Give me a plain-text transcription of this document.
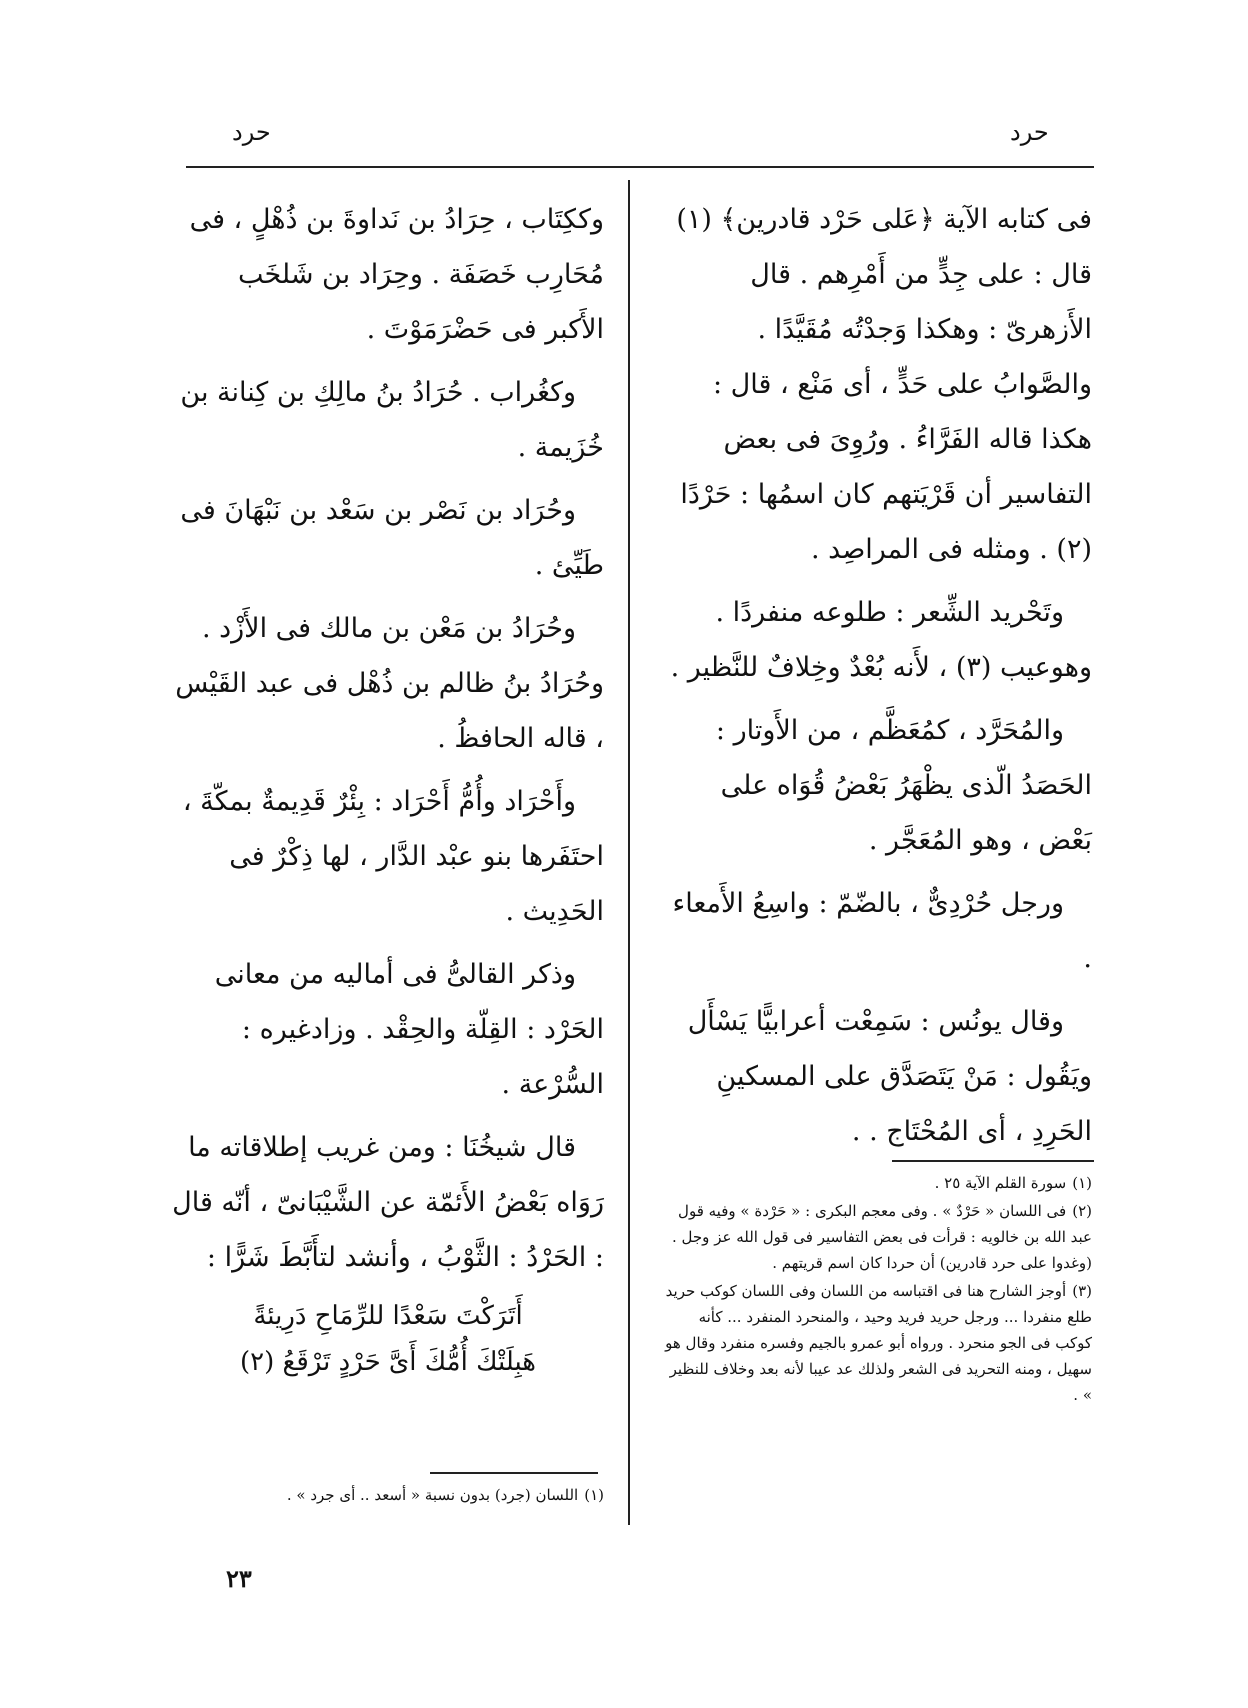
حرد
حرد

فى كتابه الآية ﴿عَلى حَرْد قادرين﴾ (١) قال : على جِدٍّ من أَمْرِهم . قال الأَزهرىّ : وهكذا وَجدْتُه مُقَيَّدًا . والصَّوابُ على حَدٍّ ، أى مَنْع ، قال : هكذا قاله الفَرَّاءُ . ورُوِىَ فى بعض التفاسير أن قَرْيَتهم كان اسمُها : حَرْدًا (٢) . ومثله فى المراصِد .

وتَحْريد الشِّعر : طلوعه منفردًا . وهوعيب (٣) ، لأَنه بُعْدٌ وخِلافٌ للنَّظير .

والمُحَرَّد ، كمُعَظَّم ، من الأَوتار : الحَصَدُ الّذى يظْهَرُ بَعْضُ قُوَاه على بَعْض ، وهو المُعَجَّر .

ورجل حُرْدِىٌّ ، بالضّمّ : واسِعُ الأَمعاء .

وقال يونُس : سَمِعْت أعرابيًّا يَسْأَل ويَقُول : مَنْ يَتَصَدَّق على المسكينِ الحَرِدِ ، أى المُحْتَاج . .

(١)سورة القلم الآية ٢٥ .

(٢)فى اللسان « حَرْدٌ » . وفى معجم البكرى : « حَرْدة » وفيه قول عبد الله بن خالويه : قرأت فى بعض التفاسير فى قول الله عز وجل . (وغدوا على حرد قادرين) أن حردا كان اسم قريتهم .

(٣)أوجز الشارح هنا فى اقتباسه من اللسان وفى اللسان كوكب حريد طلع منفردا ... ورجل حريد فريد وحيد ، والمنحرد المنفرد ... كأنه كوكب فى الجو منحرد . ورواه أبو عمرو بالجيم وفسره منفرد وقال هو سهيل ، ومنه التحريد فى الشعر ولذلك عد عيبا لأنه بعد وخلاف للنظير » .

وككِتَاب ، حِرَادُ بن نَداوةَ بن ذُهْلٍ ، فى مُحَارِب خَصَفَة . وحِرَاد بن شَلخَب الأَكبر فى حَضْرَمَوْتَ .

وكغُراب . حُرَادُ بنُ مالِكِ بن كِنانة بن خُزَيمة .

وحُرَاد بن نَصْر بن سَعْد بن نَبْهَانَ فى طَيِّئ .

وحُرَادُ بن مَعْن بن مالك فى الأَزْد . وحُرَادُ بنُ ظالم بن ذُهْل فى عبد القَيْس ، قاله الحافظُ .

وأَحْرَاد وأُمُّ أَحْرَاد : بِئْرٌ قَدِيمةٌ بمكّةَ ، احتَفَرها بنو عبْد الدَّار ، لها ذِكْرٌ فى الحَدِيث .

وذكر القالىُّ فى أماليه من معانى الحَرْد : القِلّة والحِقْد . وزادغيره : السُّرْعة .

قال شيخُنَا : ومن غريب إطلاقاته ما رَوَاه بَعْضُ الأَئمّة عن الشَّيْبَانىّ ، أنّه قال : الحَرْدُ : الثَّوْبُ ، وأنشد لتأَبَّطَ شَرًّا :

أَتَرَكْتَ سَعْدًا للرِّمَاحِ دَرِيئةً

هَبِلَتْكَ أُمُّكَ أَىَّ حَرْدٍ تَرْقَعُ (٢)

(١)اللسان (جرد) بدون نسبة « أسعد .. أى جرد » .

٢٣
